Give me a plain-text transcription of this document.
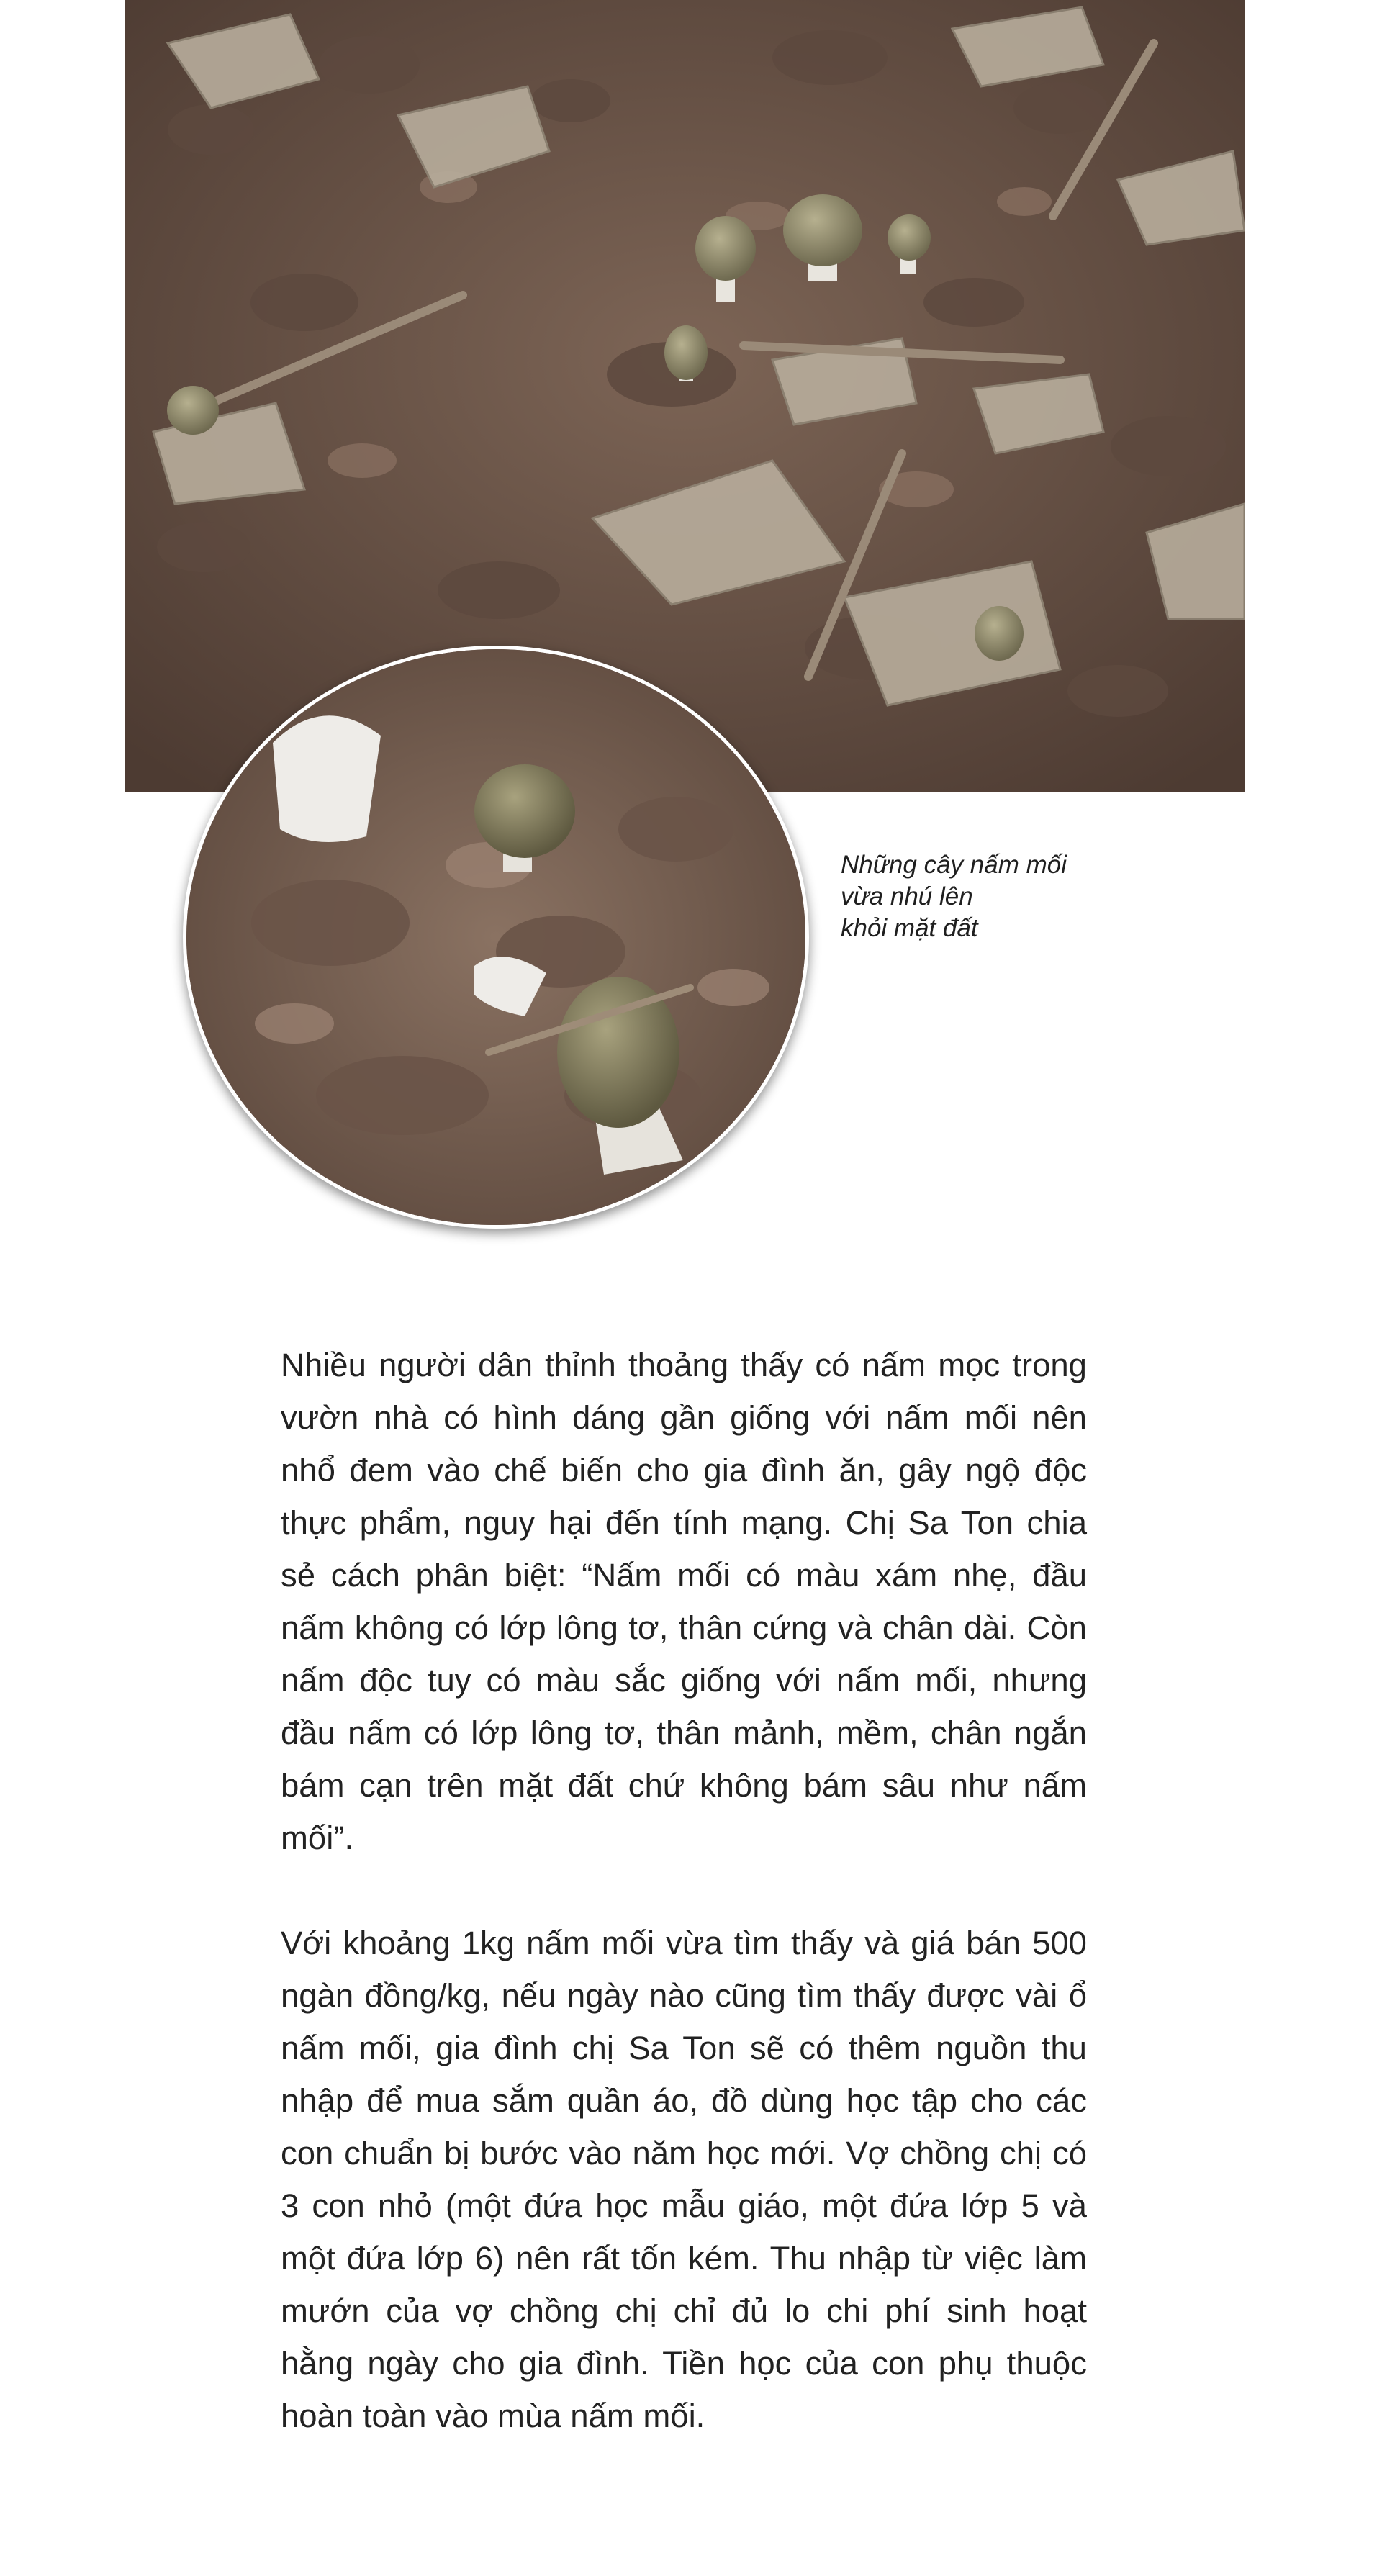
Những cây nấm mối
vừa nhú lên
khỏi mặt đất

Nhiều người dân thỉnh thoảng thấy có nấm mọc trong vườn nhà có hình dáng gần giống với nấm mối nên nhổ đem vào chế biến cho gia đình ăn, gây ngộ độc thực phẩm, nguy hại đến tính mạng. Chị Sa Ton chia sẻ cách phân biệt: “Nấm mối có màu xám nhẹ, đầu nấm không có lớp lông tơ, thân cứng và chân dài. Còn nấm độc tuy có màu sắc giống với nấm mối, nhưng đầu nấm có lớp lông tơ, thân mảnh, mềm, chân ngắn bám cạn trên mặt đất chứ không bám sâu như nấm mối”.

Với khoảng 1kg nấm mối vừa tìm thấy và giá bán 500 ngàn đồng/kg, nếu ngày nào cũng tìm thấy được vài ổ nấm mối, gia đình chị Sa Ton sẽ có thêm nguồn thu nhập để mua sắm quần áo, đồ dùng học tập cho các con chuẩn bị bước vào năm học mới. Vợ chồng chị có 3 con nhỏ (một đứa học mẫu giáo, một đứa lớp 5 và một đứa lớp 6) nên rất tốn kém. Thu nhập từ việc làm mướn của vợ chồng chị chỉ đủ lo chi phí sinh hoạt hằng ngày cho gia đình. Tiền học của con phụ thuộc hoàn toàn vào mùa nấm mối.
